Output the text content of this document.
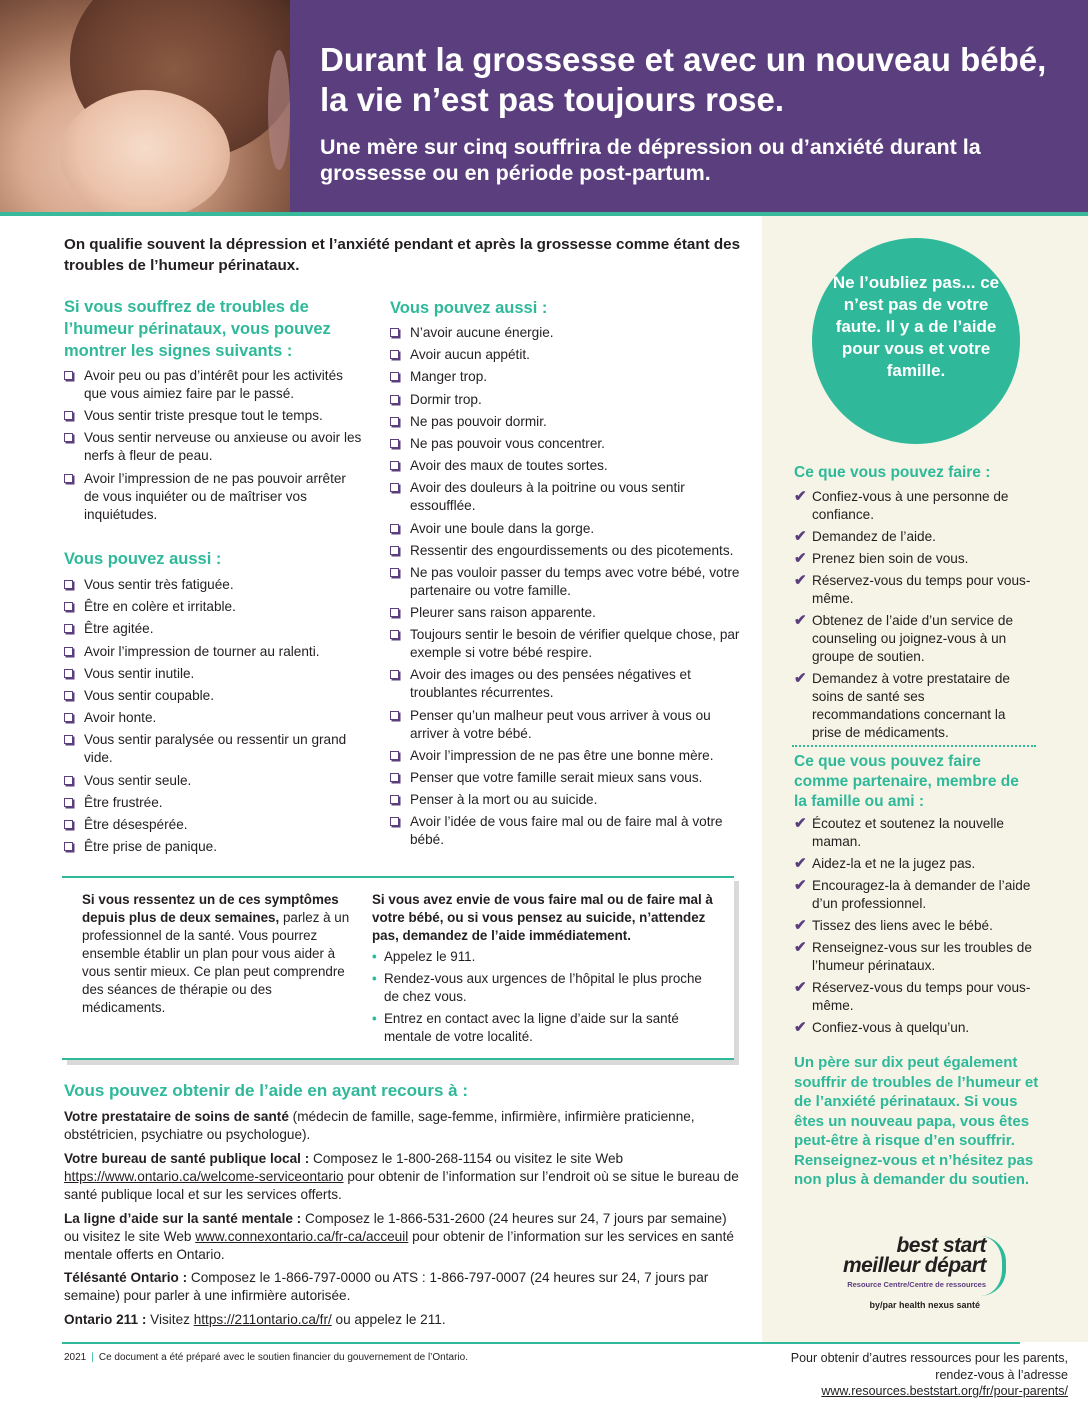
Durant la grossesse et avec un nouveau bébé, la vie n’est pas toujours rose.
Une mère sur cinq souffrira de dépression ou d’anxiété durant la grossesse ou en période post-partum.
Ne l’oubliez pas... ce n’est pas de votre faute. Il y a de l’aide pour vous et votre famille.
Ce que vous pouvez faire :
✔ Confiez-vous à une personne de confiance.
✔ Demandez de l’aide.
✔ Prenez bien soin de vous.
✔ Réservez-vous du temps pour vous-même.
✔ Obtenez de l’aide d’un service de counseling ou joignez-vous à un groupe de soutien.
✔ Demandez à votre prestataire de soins de santé ses recommandations concernant la prise de médicaments.
Ce que vous pouvez faire comme partenaire, membre de la famille ou ami :
✔ Écoutez et soutenez la nouvelle maman.
✔ Aidez-la et ne la jugez pas.
✔ Encouragez-la à demander de l’aide d’un professionnel.
✔ Tissez des liens avec le bébé.
✔ Renseignez-vous sur les troubles de l’humeur périnataux.
✔ Réservez-vous du temps pour vous-même.
✔ Confiez-vous à quelqu’un.
Un père sur dix peut également souffrir de troubles de l’humeur et de l’anxiété périnataux. Si vous êtes un nouveau papa, vous êtes peut-être à risque d’en souffrir. Renseignez-vous et n’hésitez pas non plus à demander du soutien.
best start
meilleur départ
Resource Centre/Centre de ressources
by/par health nexus santé
On qualifie souvent la dépression et l’anxiété pendant et après la grossesse comme étant des troubles de l’humeur périnataux.
Si vous souffrez de troubles de l’humeur périnataux, vous pouvez montrer les signes suivants :
Avoir peu ou pas d’intérêt pour les activités que vous aimiez faire par le passé.
Vous sentir triste presque tout le temps.
Vous sentir nerveuse ou anxieuse ou avoir les nerfs à fleur de peau.
Avoir l’impression de ne pas pouvoir arrêter de vous inquiéter ou de maîtriser vos inquiétudes.
Vous pouvez aussi :
Vous sentir très fatiguée.
Être en colère et irritable.
Être agitée.
Avoir l’impression de tourner au ralenti.
Vous sentir inutile.
Vous sentir coupable.
Avoir honte.
Vous sentir paralysée ou ressentir un grand vide.
Vous sentir seule.
Être frustrée.
Être désespérée.
Être prise de panique.
Vous pouvez aussi :
N’avoir aucune énergie.
Avoir aucun appétit.
Manger trop.
Dormir trop.
Ne pas pouvoir dormir.
Ne pas pouvoir vous concentrer.
Avoir des maux de toutes sortes.
Avoir des douleurs à la poitrine ou vous sentir essoufflée.
Avoir une boule dans la gorge.
Ressentir des engourdissements ou des picotements.
Ne pas vouloir passer du temps avec votre bébé, votre partenaire ou votre famille.
Pleurer sans raison apparente.
Toujours sentir le besoin de vérifier quelque chose, par exemple si votre bébé respire.
Avoir des images ou des pensées négatives et troublantes récurrentes.
Penser qu’un malheur peut vous arriver à vous ou arriver à votre bébé.
Avoir l’impression de ne pas être une bonne mère.
Penser que votre famille serait mieux sans vous.
Penser à la mort ou au suicide.
Avoir l’idée de vous faire mal ou de faire mal à votre bébé.
Si vous ressentez un de ces symptômes depuis plus de deux semaines, parlez à un professionnel de la santé. Vous pourrez ensemble établir un plan pour vous aider à vous sentir mieux. Ce plan peut comprendre des séances de thérapie ou des médicaments.
Si vous avez envie de vous faire mal ou de faire mal à votre bébé, ou si vous pensez au suicide, n’attendez pas, demandez de l’aide immédiatement.
• Appelez le 911.
• Rendez-vous aux urgences de l’hôpital le plus proche de chez vous.
• Entrez en contact avec la ligne d’aide sur la santé mentale de votre localité.
Vous pouvez obtenir de l’aide en ayant recours à :
Votre prestataire de soins de santé (médecin de famille, sage-femme, infirmière, infirmière praticienne, obstétricien, psychiatre ou psychologue).
Votre bureau de santé publique local : Composez le 1-800-268-1154 ou visitez le site Web https://www.ontario.ca/welcome-serviceontario pour obtenir de l’information sur l’endroit où se situe le bureau de santé publique local et sur les services offerts.
La ligne d’aide sur la santé mentale : Composez le 1-866-531-2600 (24 heures sur 24, 7 jours par semaine) ou visitez le site Web www.connexontario.ca/fr-ca/acceuil pour obtenir de l’information sur les services en santé mentale offerts en Ontario.
Télésanté Ontario : Composez le 1-866-797-0000 ou ATS : 1-866-797-0007 (24 heures sur 24, 7 jours par semaine) pour parler à une infirmière autorisée.
Ontario 211 : Visitez https://211ontario.ca/fr/ ou appelez le 211.
2021 | Ce document a été préparé avec le soutien financier du gouvernement de l’Ontario.	Pour obtenir d’autres ressources pour les parents, rendez-vous à l’adresse
www.resources.beststart.org/fr/pour-parents/
